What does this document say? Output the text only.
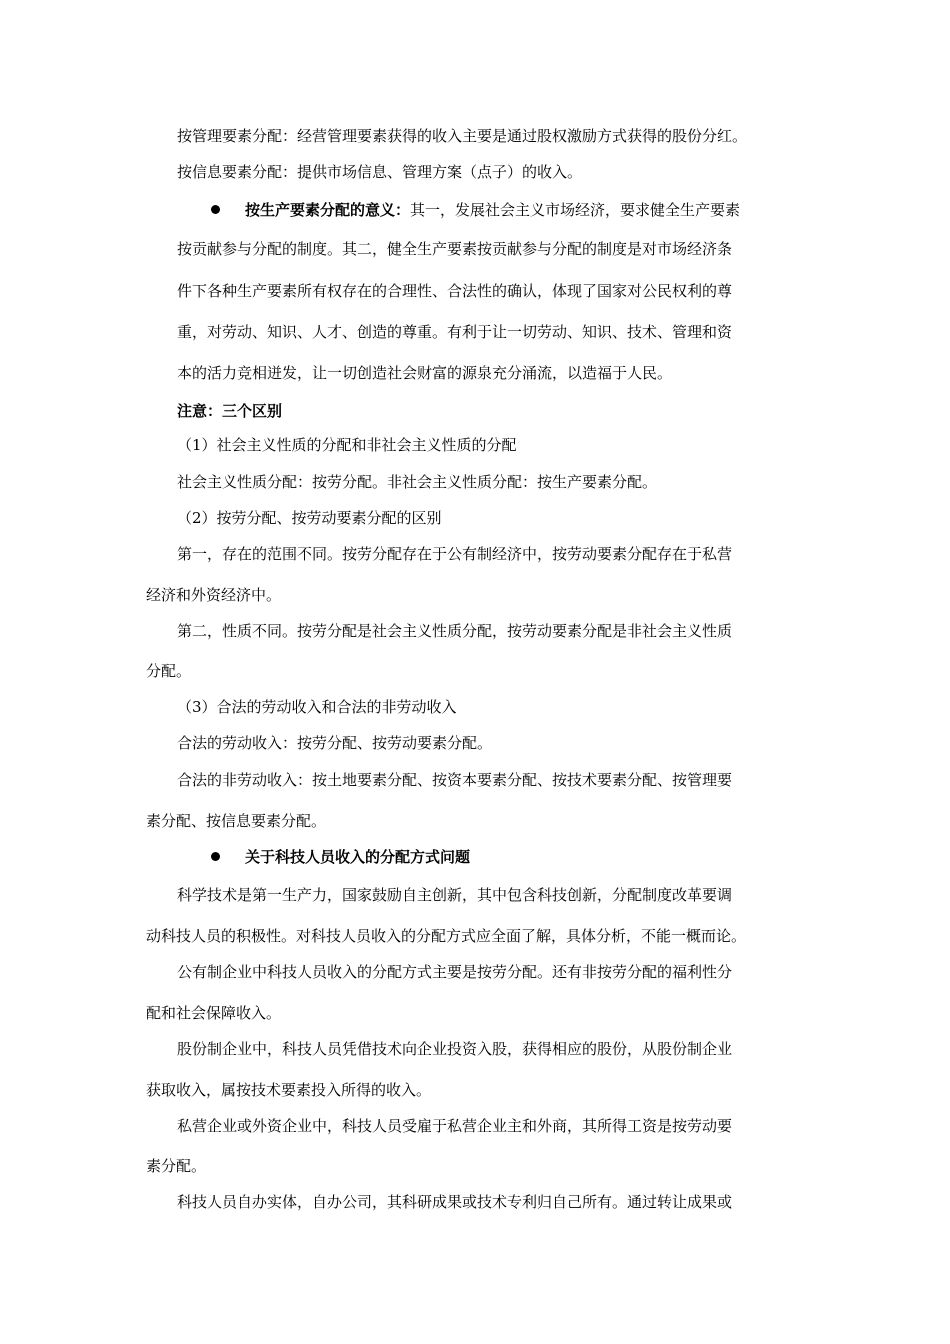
按管理要素分配：经营管理要素获得的收入主要是通过股权激励方式获得的股份分红。
按信息要素分配：提供市场信息、管理方案（点子）的收入。
按生产要素分配的意义：其一，发展社会主义市场经济，要求健全生产要素
按贡献参与分配的制度。其二，健全生产要素按贡献参与分配的制度是对市场经济条
件下各种生产要素所有权存在的合理性、合法性的确认，体现了国家对公民权利的尊
重，对劳动、知识、人才、创造的尊重。有利于让一切劳动、知识、技术、管理和资
本的活力竞相迸发，让一切创造社会财富的源泉充分涌流，以造福于人民。
注意：三个区别
（1）社会主义性质的分配和非社会主义性质的分配
社会主义性质分配：按劳分配。非社会主义性质分配：按生产要素分配。
（2）按劳分配、按劳动要素分配的区别
第一，存在的范围不同。按劳分配存在于公有制经济中，按劳动要素分配存在于私营
经济和外资经济中。
第二，性质不同。按劳分配是社会主义性质分配，按劳动要素分配是非社会主义性质
分配。
（3）合法的劳动收入和合法的非劳动收入
合法的劳动收入：按劳分配、按劳动要素分配。
合法的非劳动收入：按土地要素分配、按资本要素分配、按技术要素分配、按管理要
素分配、按信息要素分配。
关于科技人员收入的分配方式问题
科学技术是第一生产力，国家鼓励自主创新，其中包含科技创新，分配制度改革要调
动科技人员的积极性。对科技人员收入的分配方式应全面了解，具体分析，不能一概而论。
公有制企业中科技人员收入的分配方式主要是按劳分配。还有非按劳分配的福利性分
配和社会保障收入。
股份制企业中，科技人员凭借技术向企业投资入股，获得相应的股份，从股份制企业
获取收入，属按技术要素投入所得的收入。
私营企业或外资企业中，科技人员受雇于私营企业主和外商，其所得工资是按劳动要
素分配。
科技人员自办实体，自办公司，其科研成果或技术专利归自己所有。通过转让成果或
